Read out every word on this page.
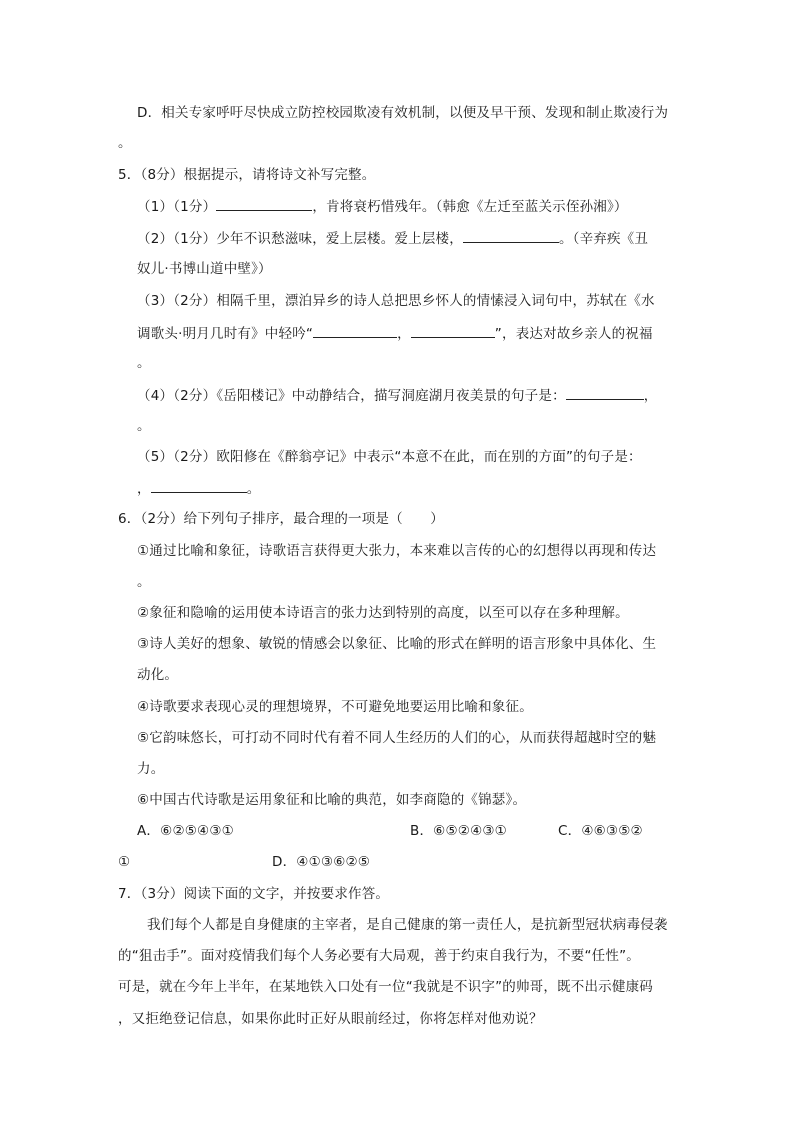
D．相关专家呼吁尽快成立防控校园欺凌有效机制，以便及早干预、发现和制止欺凌行为
。
5．（8分）根据提示，请将诗文补写完整。
（1）（1分）	，肯将衰朽惜残年。（韩愈《左迁至蓝关示侄孙湘》）
（2）（1分）少年不识愁滋味，爱上层楼。爱上层楼，	。（辛弃疾《丑
奴儿·书博山道中壁》）
（3）（2分）相隔千里，漂泊异乡的诗人总把思乡怀人的情愫浸入词句中，苏轼在《水
调歌头·明月几时有》中轻吟“	，	”，表达对故乡亲人的祝福
。
（4）（2分）《岳阳楼记》中动静结合，描写洞庭湖月夜美景的句子是：	，
。
（5）（2分）欧阳修在《醉翁亭记》中表示“本意不在此，而在别的方面”的句子是：
，	。
6．（2分）给下列句子排序，最合理的一项是（　　）
①通过比喻和象征，诗歌语言获得更大张力，本来难以言传的心的幻想得以再现和传达
。
②象征和隐喻的运用使本诗语言的张力达到特别的高度，以至可以存在多种理解。
③诗人美好的想象、敏锐的情感会以象征、比喻的形式在鲜明的语言形象中具体化、生
动化。
④诗歌要求表现心灵的理想境界，不可避免地要运用比喻和象征。
⑤它韵味悠长，可打动不同时代有着不同人生经历的人们的心，从而获得超越时空的魅
力。
⑥中国古代诗歌是运用象征和比喻的典范，如李商隐的《锦瑟》。
A．⑥②⑤④③①	B．⑥⑤②④③①	C．④⑥③⑤②
①	D．④①③⑥②⑤
7．（3分）阅读下面的文字，并按要求作答。
我们每个人都是自身健康的主宰者，是自己健康的第一责任人，是抗新型冠状病毒侵袭
的“狙击手”。面对疫情我们每个人务必要有大局观，善于约束自我行为，不要“任性”。
可是，就在今年上半年，在某地铁入口处有一位“我就是不识字”的帅哥，既不出示健康码
，又拒绝登记信息，如果你此时正好从眼前经过，你将怎样对他劝说？
